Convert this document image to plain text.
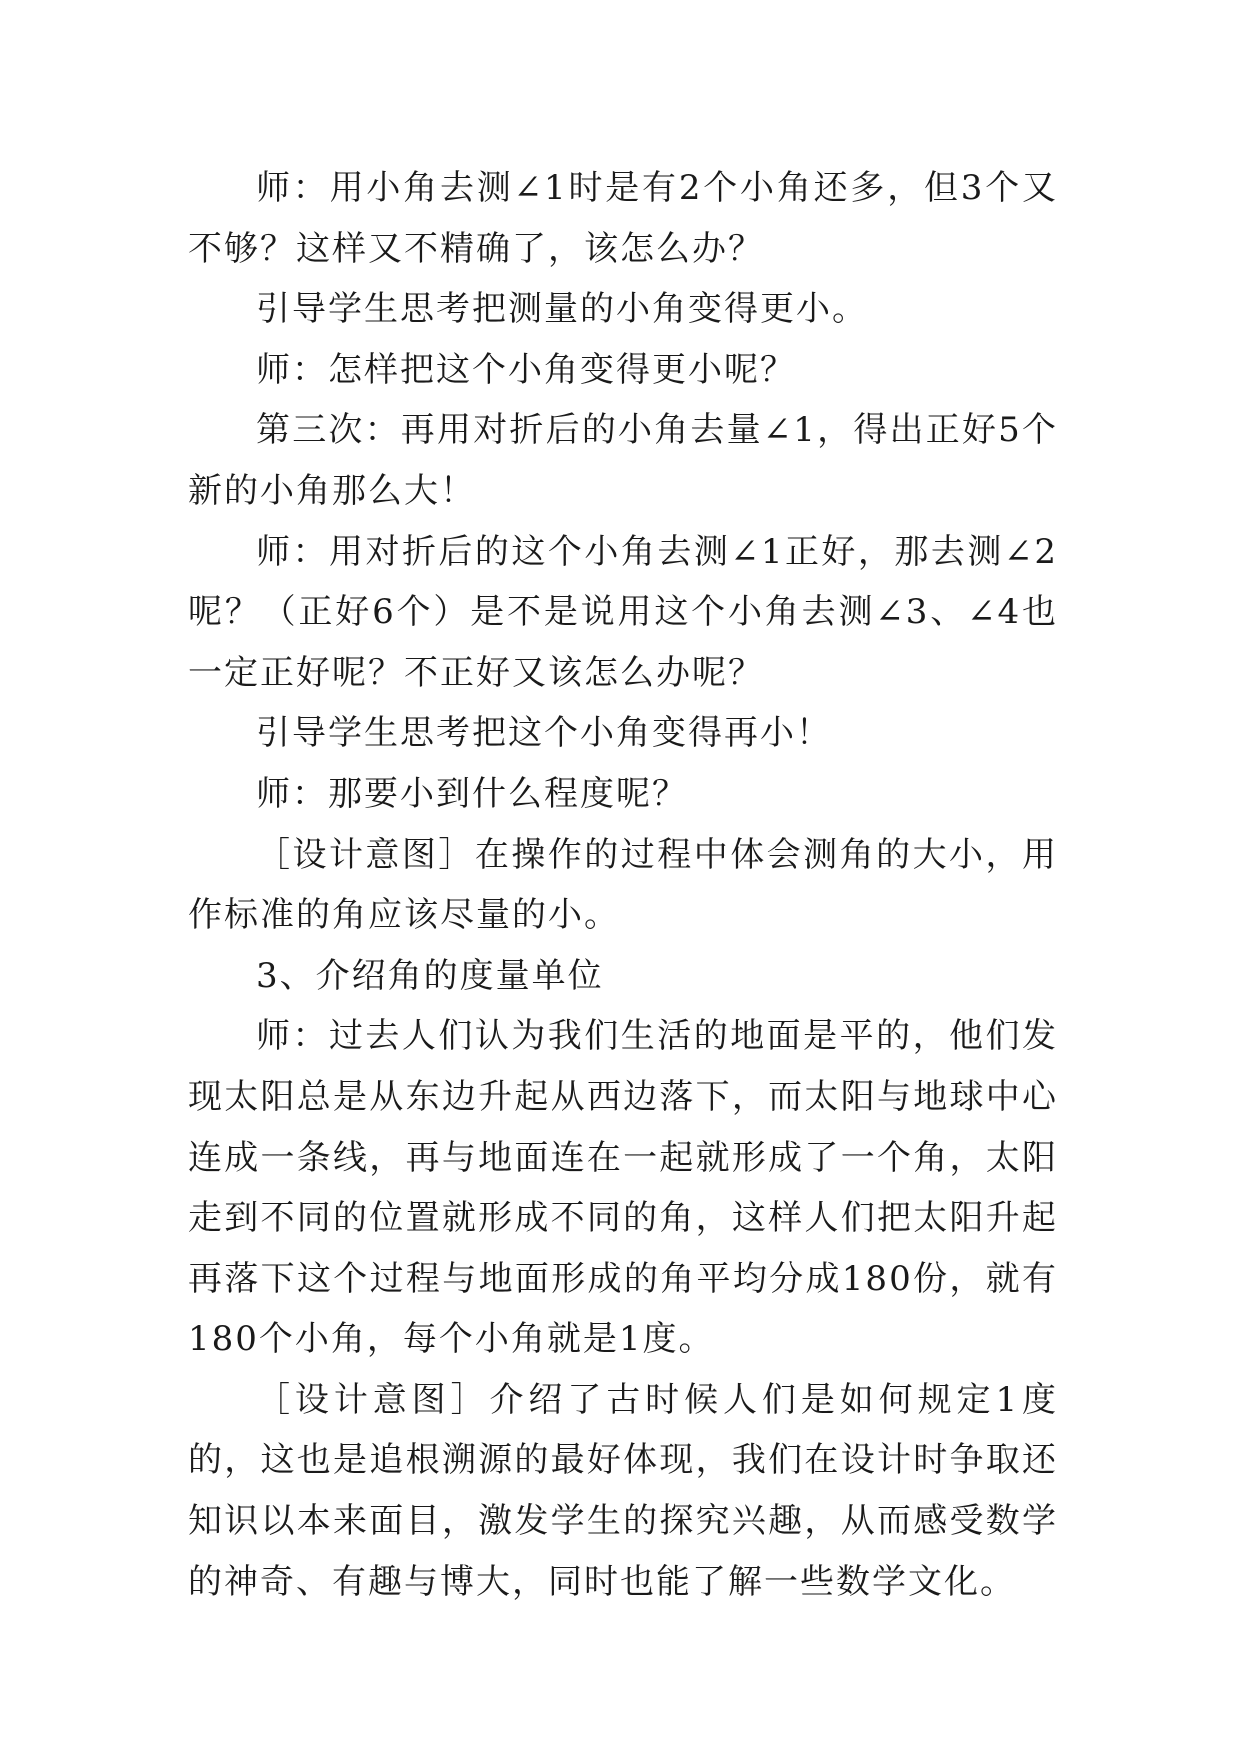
师：用小角去测∠1时是有2个小角还多，但3个又不够？这样又不精确了，该怎么办？

引导学生思考把测量的小角变得更小。

师：怎样把这个小角变得更小呢？

第三次：再用对折后的小角去量∠1，得出正好5个新的小角那么大！

师：用对折后的这个小角去测∠1正好，那去测∠2呢？（正好6个）是不是说用这个小角去测∠3、∠4也一定正好呢？不正好又该怎么办呢？

引导学生思考把这个小角变得再小！

师：那要小到什么程度呢？

［设计意图］在操作的过程中体会测角的大小，用作标准的角应该尽量的小。

3、介绍角的度量单位

师：过去人们认为我们生活的地面是平的，他们发现太阳总是从东边升起从西边落下，而太阳与地球中心连成一条线，再与地面连在一起就形成了一个角，太阳走到不同的位置就形成不同的角，这样人们把太阳升起再落下这个过程与地面形成的角平均分成180份，就有180个小角，每个小角就是1度。

［设计意图］介绍了古时候人们是如何规定1度的，这也是追根溯源的最好体现，我们在设计时争取还知识以本来面目，激发学生的探究兴趣，从而感受数学的神奇、有趣与博大，同时也能了解一些数学文化。
